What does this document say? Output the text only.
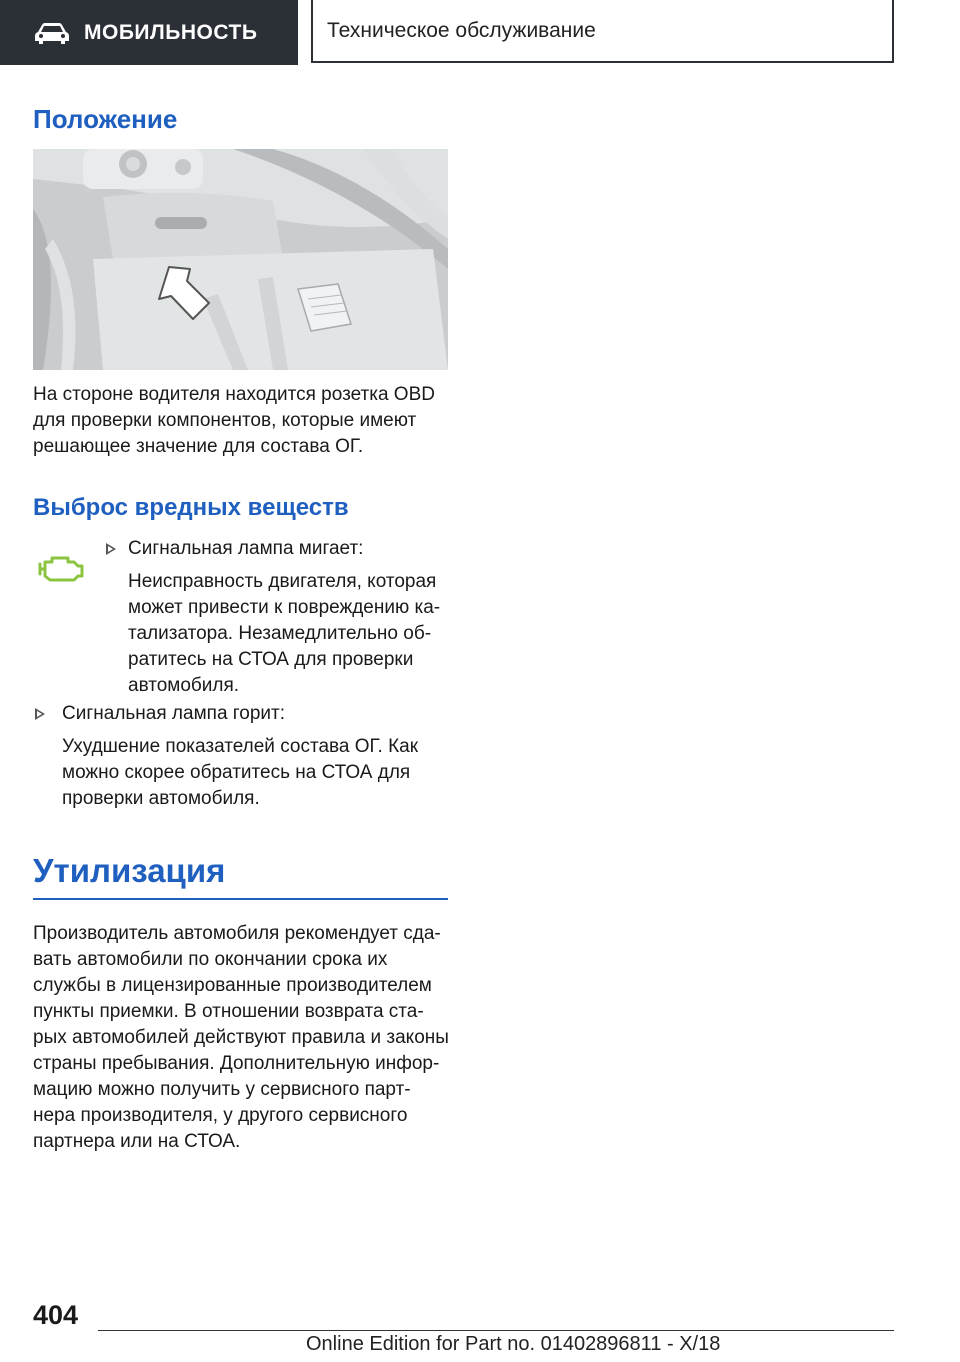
МОБИЛЬНОСТЬ	Техническое обслуживание
Положение

На стороне водителя находится розетка OBD

для проверки компонентов, которые имеют

решающее значение для состава ОГ.

Выброс вредных веществ

Сигнальная лампа мигает:

Неисправность двигателя, которая

может привести к повреждению ка-

тализатора. Незамедлительно об-

ратитесь на СТОА для проверки

автомобиля.

Сигнальная лампа горит:

Ухудшение показателей состава ОГ. Как

можно скорее обратитесь на СТОА для

проверки автомобиля.

Утилизация

Производитель автомобиля рекомендует сда-

вать автомобили по окончании срока их

службы в лицензированные производителем

пункты приемки. В отношении возврата ста-

рых автомобилей действуют правила и законы

страны пребывания. Дополнительную инфор-

мацию можно получить у сервисного парт-

нера производителя, у другого сервисного

партнера или на СТОА.

404
Online Edition for Part no. 01402896811 - X/18
